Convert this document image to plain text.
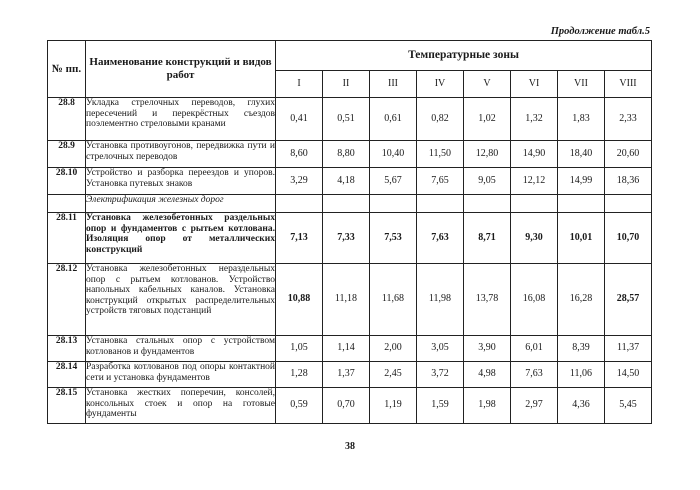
Продолжение табл.5
№ пп.	Наименование конструкций и видов работ	Температурные зоны							
		I	II	III	IV	V	VI	VII	VIII
28.8	Укладка стрелочных переводов, глухих пересечений и перекрёстных съездов поэлементно стреловыми кранами	0,41	0,51	0,61	0,82	1,02	1,32	1,83	2,33
28.9	Установка противоугонов, передвижка пути и стрелочных переводов	8,60	8,80	10,40	11,50	12,80	14,90	18,40	20,60
28.10	Устройство и разборка переездов и упоров. Установка путевых знаков	3,29	4,18	5,67	7,65	9,05	12,12	14,99	18,36
	Электрификация железных дорог								
28.11	Установка железобетонных раздельных опор и фундаментов с рытьем котлована. Изоляция опор от металлических конструкций	7,13	7,33	7,53	7,63	8,71	9,30	10,01	10,70
28.12	Установка железобетонных нераздельных опор с рытьем котлованов. Устройство напольных кабельных каналов. Установка конструкций открытых распределительных устройств тяговых подстанций	10,88	11,18	11,68	11,98	13,78	16,08	16,28	28,57
28.13	Установка стальных опор с устройством котлованов и фундаментов	1,05	1,14	2,00	3,05	3,90	6,01	8,39	11,37
28.14	Разработка котлованов под опоры контактной сети и установка фундаментов	1,28	1,37	2,45	3,72	4,98	7,63	11,06	14,50
28.15	Установка жестких поперечин, консолей, консольных стоек и опор на готовые фундаменты	0,59	0,70	1,19	1,59	1,98	2,97	4,36	5,45
38
